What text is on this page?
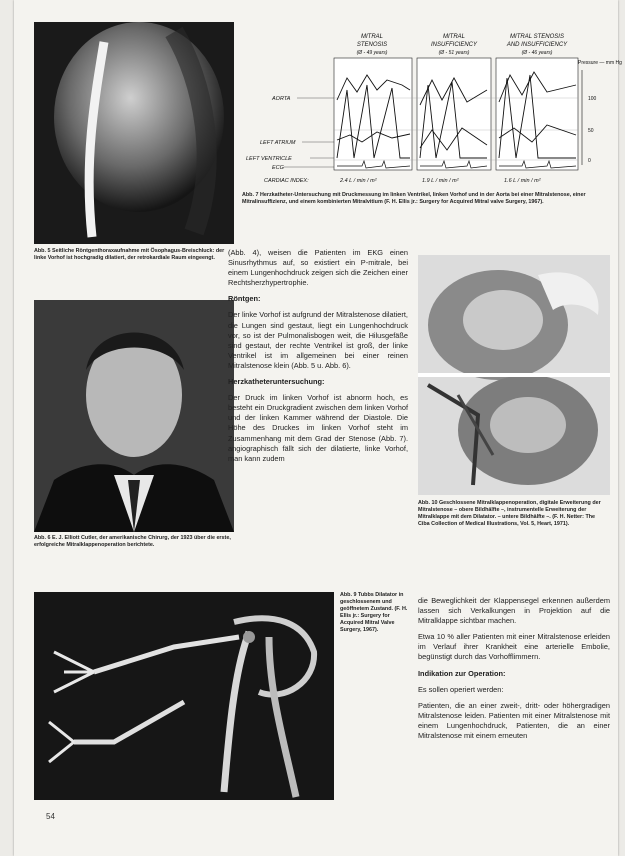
Abb. 5 Seitliche Röntgenthoraxaufnahme mit Ösophagus-Breischluck: der linke Vorhof ist hochgradig dilatiert, der retrokardiale Raum eingeengt.
Abb. 6 E. J. Elliott Cutler, der amerikanische Chirurg, der 1923 über die erste, erfolgreiche Mitralklappenoperation berichtete.
MITRAL
STENOSIS
(Ø - 49 years)
MITRAL
INSUFFICIENCY
(Ø - 51 years)
MITRAL STENOSIS
AND INSUFFICIENCY
(Ø - 46 years)
AORTA
LEFT ATRIUM
LEFT VENTRICLE
ECG
Pressure — mm Hg
100
50
0
CARDIAC INDEX:	2.4 L / min / m²	1.9 L / min / m²	1.6 L / min / m²
Abb. 7 Herzkatheter-Untersuchung mit Druckmessung im linken Ventrikel, linken Vorhof und in der Aorta bei einer Mitralstenose, einer Mitralinsuffizienz, und einem kombinierten Mitralvitium (F. H. Ellis jr.: Surgery for Acquired Mitral valve Surgery, 1967).

(Abb. 4), weisen die Patienten im EKG einen Sinusrhythmus auf, so existiert ein P-mitrale, bei einem Lungenhochdruck zeigen sich die Zeichen einer Rechtsherzhypertrophie.

Röntgen:

Der linke Vorhof ist aufgrund der Mitralstenose dilatiert, die Lungen sind gestaut, liegt ein Lungenhochdruck vor, so ist der Pulmonalisbogen weit, die Hilusgefäße sind gestaut, der rechte Ventrikel ist groß, der linke Ventrikel ist im allgemeinen bei einer reinen Mitralstenose klein (Abb. 5 u. Abb. 6).

Herzkatheteruntersuchung:

Der Druck im linken Vorhof ist abnorm hoch, es besteht ein Druckgradient zwischen dem linken Vorhof und der linken Kammer während der Diastole. Die Höhe des Druckes im linken Vorhof steht im Zusammenhang mit dem Grad der Stenose (Abb. 7). angiographisch fällt sich der dilatierte, linke Vorhof, man kann zudem

Abb. 10 Geschlossene Mitralklappenoperation, digitale Erweiterung der Mitralstenose – obere Bildhälfte –, instrumentelle Erweiterung der Mitralklappe mit dem Dilatator. – untere Bildhälfte –. (F. H. Netter: The Ciba Collection of Medical Illustrations, Vol. 5, Heart, 1971).
Abb. 9 Tubbs Dilatator in geschlossenem und geöffnetem Zustand. (F. H. Ellis jr.: Surgery for Acquired Mitral Valve Surgery, 1967).

die Beweglichkeit der Klappensegel erkennen außerdem lassen sich Verkalkungen in Projektion auf die Mitralklappe sichtbar machen.

Etwa 10 % aller Patienten mit einer Mitralstenose erleiden im Verlauf ihrer Krankheit eine arterielle Embolie, begünstigt durch das Vorhofflimmern.

Indikation zur Operation:

Es sollen operiert werden:

Patienten, die an einer zweit-, dritt- oder höhergradigen Mitralstenose leiden. Patienten mit einer Mitralstenose mit einem Lungenhochdruck, Patienten, die an einer Mitralstenose mit einem erneuten

54
